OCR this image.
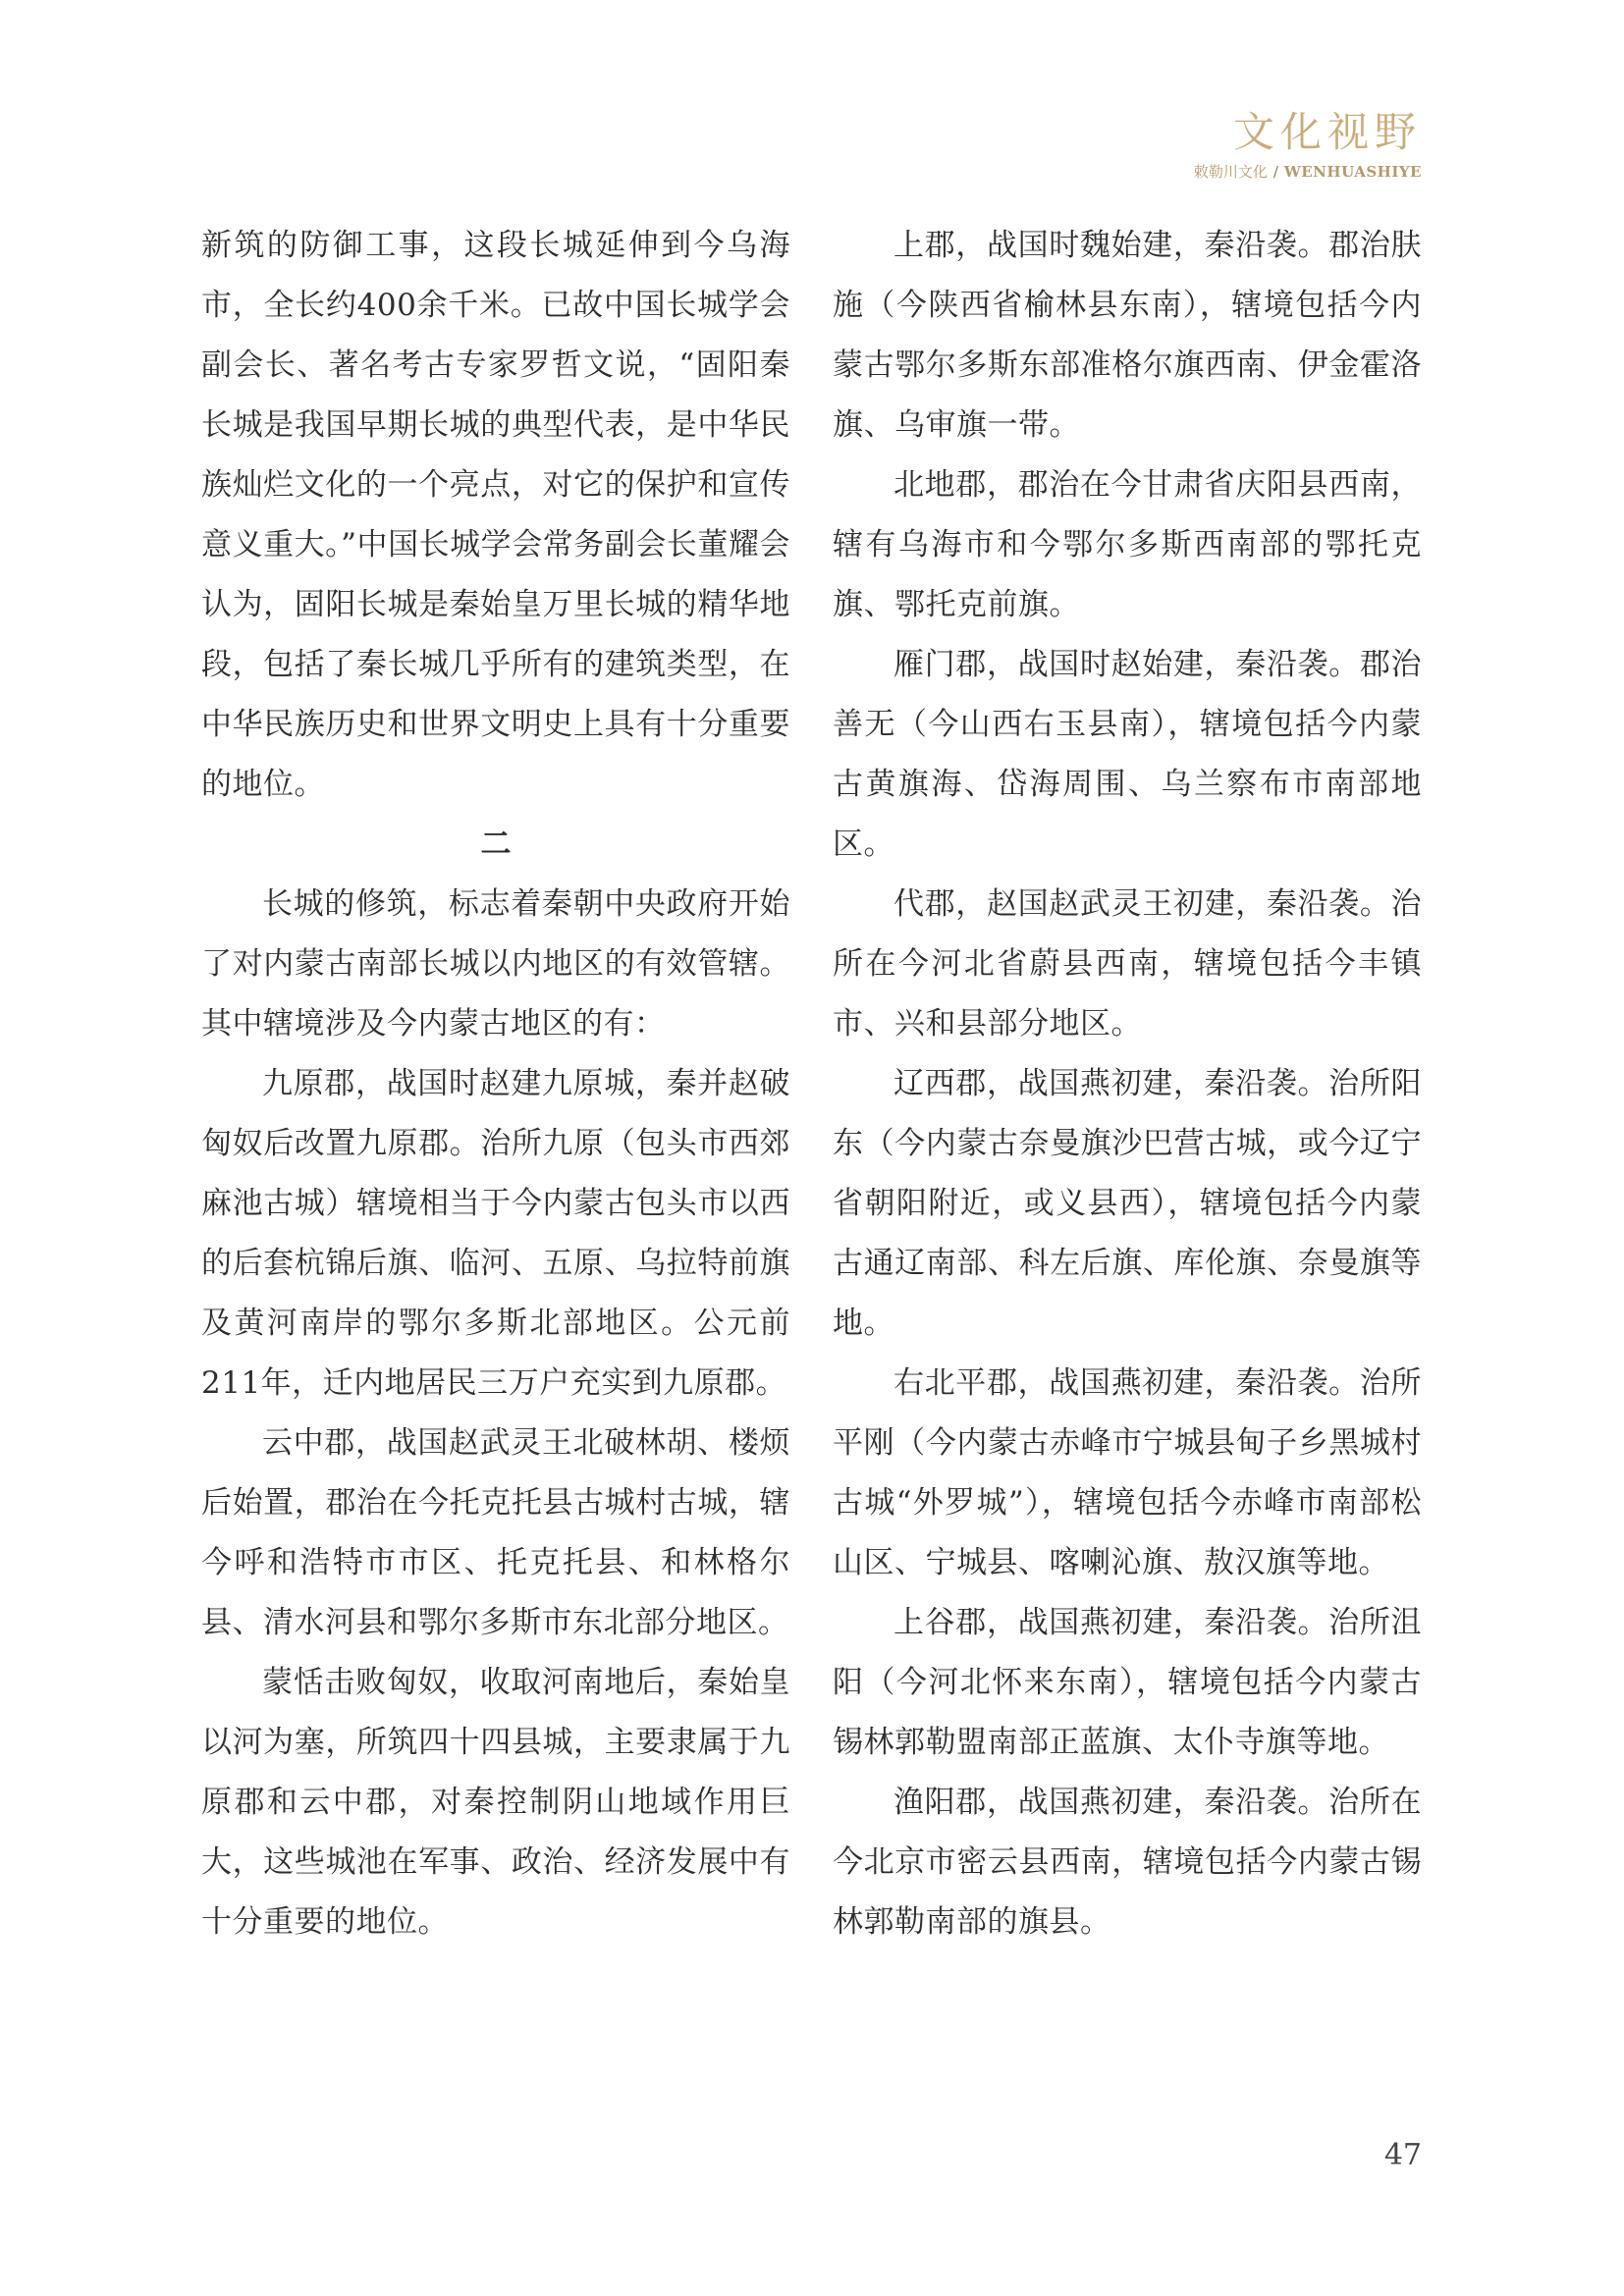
文化视野
敕勒川文化 / WENHUASHIYE

新筑的防御工事，这段长城延伸到今乌海市，全长约400余千米。已故中国长城学会副会长、著名考古专家罗哲文说，“固阳秦长城是我国早期长城的典型代表，是中华民族灿烂文化的一个亮点，对它的保护和宣传意义重大。”中国长城学会常务副会长董耀会认为，固阳长城是秦始皇万里长城的精华地段，包括了秦长城几乎所有的建筑类型，在中华民族历史和世界文明史上具有十分重要的地位。

二

长城的修筑，标志着秦朝中央政府开始了对内蒙古南部长城以内地区的有效管辖。其中辖境涉及今内蒙古地区的有：

九原郡，战国时赵建九原城，秦并赵破匈奴后改置九原郡。治所九原（包头市西郊麻池古城）辖境相当于今内蒙古包头市以西的后套杭锦后旗、临河、五原、乌拉特前旗及黄河南岸的鄂尔多斯北部地区。公元前211年，迁内地居民三万户充实到九原郡。

云中郡，战国赵武灵王北破林胡、楼烦后始置，郡治在今托克托县古城村古城，辖今呼和浩特市市区、托克托县、和林格尔县、清水河县和鄂尔多斯市东北部分地区。

蒙恬击败匈奴，收取河南地后，秦始皇以河为塞，所筑四十四县城，主要隶属于九原郡和云中郡，对秦控制阴山地域作用巨大，这些城池在军事、政治、经济发展中有十分重要的地位。

上郡，战国时魏始建，秦沿袭。郡治肤施（今陕西省榆林县东南），辖境包括今内蒙古鄂尔多斯东部准格尔旗西南、伊金霍洛旗、乌审旗一带。

北地郡，郡治在今甘肃省庆阳县西南，辖有乌海市和今鄂尔多斯西南部的鄂托克旗、鄂托克前旗。

雁门郡，战国时赵始建，秦沿袭。郡治善无（今山西右玉县南），辖境包括今内蒙古黄旗海、岱海周围、乌兰察布市南部地区。

代郡，赵国赵武灵王初建，秦沿袭。治所在今河北省蔚县西南，辖境包括今丰镇市、兴和县部分地区。

辽西郡，战国燕初建，秦沿袭。治所阳东（今内蒙古奈曼旗沙巴营古城，或今辽宁省朝阳附近，或义县西），辖境包括今内蒙古通辽南部、科左后旗、库伦旗、奈曼旗等地。

右北平郡，战国燕初建，秦沿袭。治所平刚（今内蒙古赤峰市宁城县甸子乡黑城村古城“外罗城”），辖境包括今赤峰市南部松山区、宁城县、喀喇沁旗、敖汉旗等地。

上谷郡，战国燕初建，秦沿袭。治所沮阳（今河北怀来东南），辖境包括今内蒙古锡林郭勒盟南部正蓝旗、太仆寺旗等地。

渔阳郡，战国燕初建，秦沿袭。治所在今北京市密云县西南，辖境包括今内蒙古锡林郭勒南部的旗县。

47
